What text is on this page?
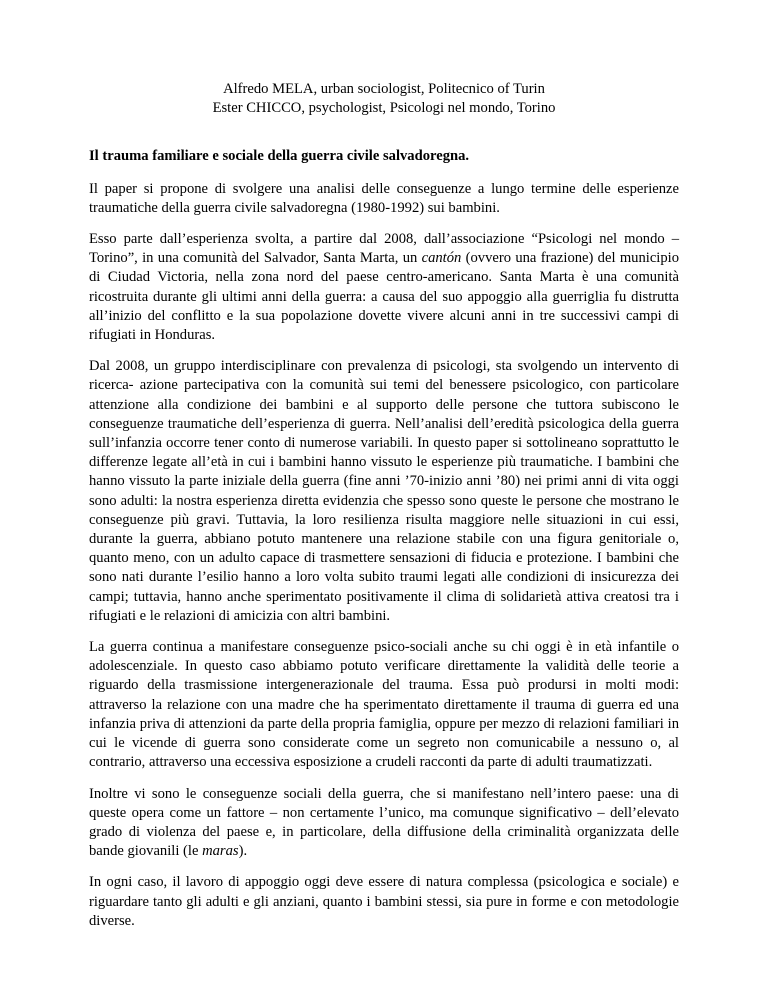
Alfredo MELA, urban sociologist, Politecnico of Turin
Ester CHICCO, psychologist, Psicologi nel mondo, Torino
Il trauma familiare e sociale della guerra civile salvadoregna.

Il paper si propone di svolgere una analisi delle conseguenze a lungo termine delle esperienze traumatiche della guerra civile salvadoregna (1980-1992) sui bambini.

Esso parte dall’esperienza svolta, a partire dal 2008, dall’associazione “Psicologi nel mondo – Torino”, in una comunità del Salvador, Santa Marta, un cantón (ovvero una frazione) del municipio di Ciudad Victoria, nella zona nord del paese centro-americano. Santa Marta è una comunità ricostruita durante gli ultimi anni della guerra: a causa del suo appoggio alla guerriglia fu distrutta all’inizio del conflitto e la sua popolazione dovette vivere alcuni anni in tre successivi campi di rifugiati in Honduras.

Dal 2008, un gruppo interdisciplinare con prevalenza di psicologi, sta svolgendo un intervento di ricerca- azione partecipativa con la comunità sui temi del benessere psicologico, con particolare attenzione alla condizione dei bambini e al supporto delle persone che tuttora subiscono le conseguenze traumatiche dell’esperienza di guerra. Nell’analisi dell’eredità psicologica della guerra sull’infanzia occorre tener conto di numerose variabili. In questo paper si sottolineano soprattutto le differenze legate all’età in cui i bambini hanno vissuto le esperienze più traumatiche. I bambini che hanno vissuto la parte iniziale della guerra (fine anni ’70-inizio anni ’80) nei primi anni di vita oggi sono adulti: la nostra esperienza diretta evidenzia che spesso sono queste le persone che mostrano le conseguenze più gravi. Tuttavia, la loro resilienza risulta maggiore nelle situazioni in cui essi, durante la guerra, abbiano potuto mantenere una relazione stabile con una figura genitoriale o, quanto meno, con un adulto capace di trasmettere sensazioni di fiducia e protezione. I bambini che sono nati durante l’esilio hanno a loro volta subito traumi legati alle condizioni di insicurezza dei campi; tuttavia, hanno anche sperimentato positivamente il clima di solidarietà attiva creatosi tra i rifugiati e le relazioni di amicizia con altri bambini.

La guerra continua a manifestare conseguenze psico-sociali anche su chi oggi è in età infantile o adolescenziale. In questo caso abbiamo potuto verificare direttamente la validità delle teorie a riguardo della trasmissione intergenerazionale del trauma. Essa può prodursi in molti modi: attraverso la relazione con una madre che ha sperimentato direttamente il trauma di guerra ed una infanzia priva di attenzioni da parte della propria famiglia, oppure per mezzo di relazioni familiari in cui le vicende di guerra sono considerate come un segreto non comunicabile a nessuno o, al contrario, attraverso una eccessiva esposizione a crudeli racconti da parte di adulti traumatizzati.

Inoltre vi sono le conseguenze sociali della guerra, che si manifestano nell’intero paese: una di queste opera come un fattore – non certamente l’unico, ma comunque significativo – dell’elevato grado di violenza del paese e, in particolare, della diffusione della criminalità organizzata delle bande giovanili (le maras).

In ogni caso, il lavoro di appoggio oggi deve essere di natura complessa (psicologica e sociale) e riguardare tanto gli adulti e gli anziani, quanto i bambini stessi, sia pure in forme e con metodologie diverse.
